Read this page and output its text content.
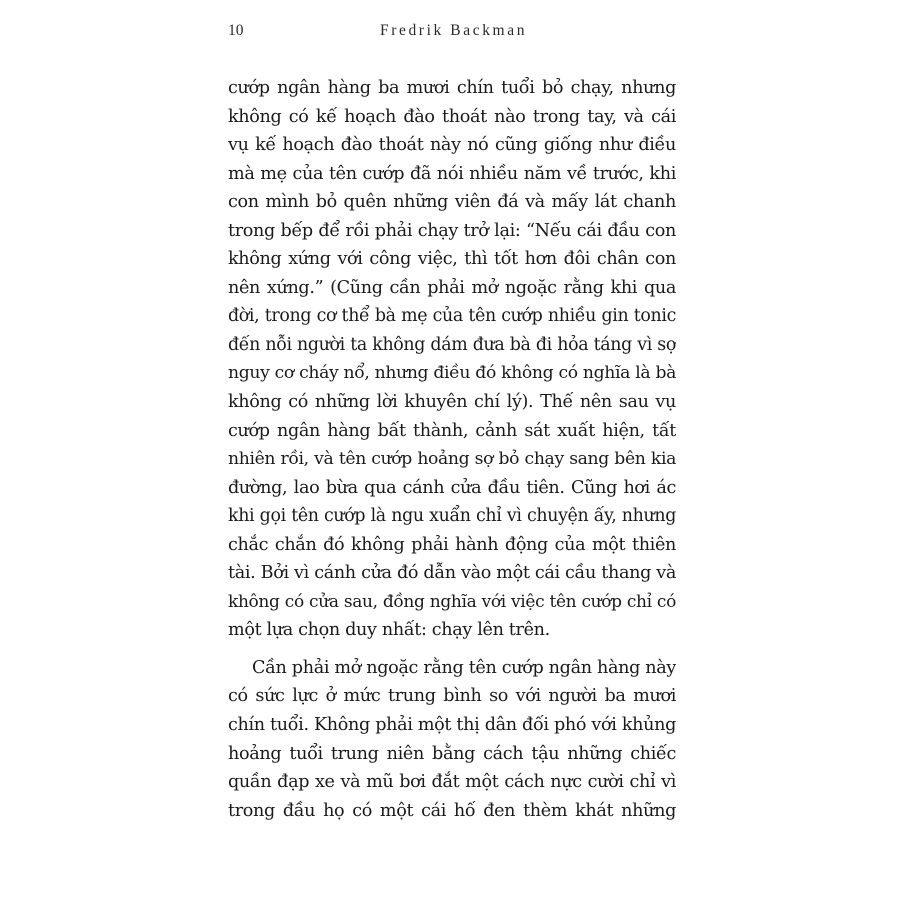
10	Fredrik Backman
cướp ngân hàng ba mươi chín tuổi bỏ chạy, nhưng
không có kế hoạch đào thoát nào trong tay, và cái
vụ kế hoạch đào thoát này nó cũng giống như điều
mà mẹ của tên cướp đã nói nhiều năm về trước, khi
con mình bỏ quên những viên đá và mấy lát chanh
trong bếp để rồi phải chạy trở lại: “Nếu cái đầu con
không xứng với công việc, thì tốt hơn đôi chân con
nên xứng.” (Cũng cần phải mở ngoặc rằng khi qua
đời, trong cơ thể bà mẹ của tên cướp nhiều gin tonic
đến nỗi người ta không dám đưa bà đi hỏa táng vì sợ
nguy cơ cháy nổ, nhưng điều đó không có nghĩa là bà
không có những lời khuyên chí lý). Thế nên sau vụ
cướp ngân hàng bất thành, cảnh sát xuất hiện, tất
nhiên rồi, và tên cướp hoảng sợ bỏ chạy sang bên kia
đường, lao bừa qua cánh cửa đầu tiên. Cũng hơi ác
khi gọi tên cướp là ngu xuẩn chỉ vì chuyện ấy, nhưng
chắc chắn đó không phải hành động của một thiên
tài. Bởi vì cánh cửa đó dẫn vào một cái cầu thang và
không có cửa sau, đồng nghĩa với việc tên cướp chỉ có
một lựa chọn duy nhất: chạy lên trên.
Cần phải mở ngoặc rằng tên cướp ngân hàng này
có sức lực ở mức trung bình so với người ba mươi
chín tuổi. Không phải một thị dân đối phó với khủng
hoảng tuổi trung niên bằng cách tậu những chiếc
quần đạp xe và mũ bơi đắt một cách nực cười chỉ vì
trong đầu họ có một cái hố đen thèm khát những
